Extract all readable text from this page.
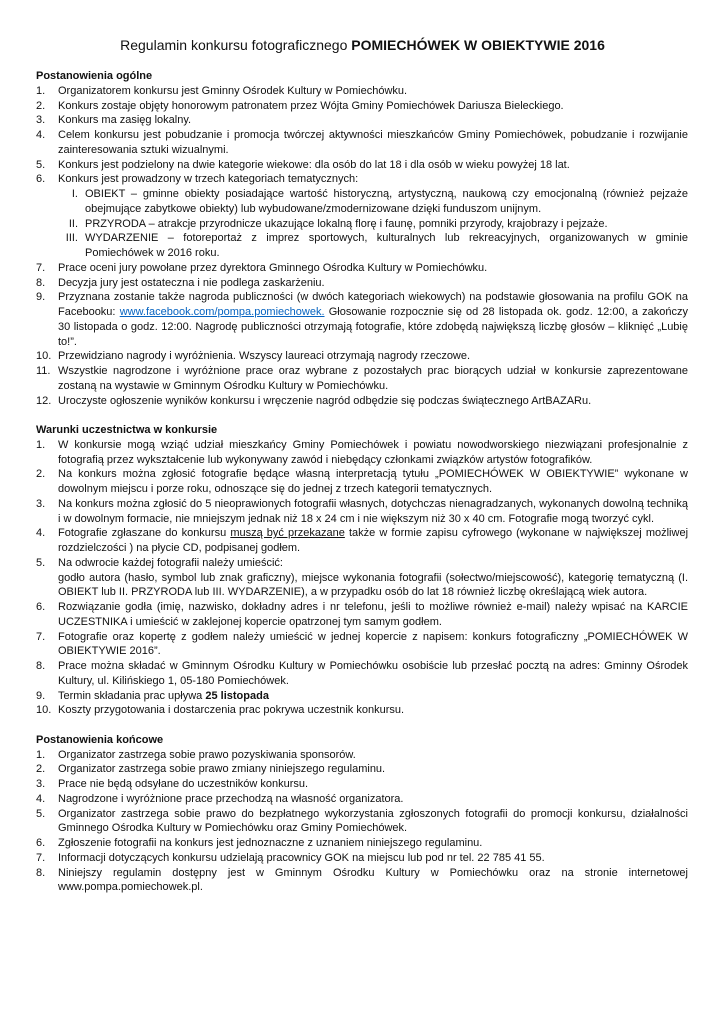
Regulamin konkursu fotograficznego POMIECHÓWEK W OBIEKTYWIE 2016

Postanowienia ogólne

1. Organizatorem konkursu jest Gminny Ośrodek Kultury w Pomiechówku.
2. Konkurs zostaje objęty honorowym patronatem przez Wójta Gminy Pomiechówek Dariusza Bieleckiego.
3. Konkurs ma zasięg lokalny.
4. Celem konkursu jest pobudzanie i promocja twórczej aktywności mieszkańców Gminy Pomiechówek, pobudzanie i rozwijanie zainteresowania sztuki wizualnymi.
5. Konkurs jest podzielony na dwie kategorie wiekowe: dla osób do lat 18 i dla osób w wieku powyżej 18 lat.
6. Konkurs jest prowadzony w trzech kategoriach tematycznych:
I. OBIEKT – gminne obiekty posiadające wartość historyczną, artystyczną, naukową czy emocjonalną (również pejzaże obejmujące zabytkowe obiekty) lub wybudowane/zmodernizowane dzięki funduszom unijnym.
II. PRZYRODA – atrakcje przyrodnicze ukazujące lokalną florę i faunę, pomniki przyrody, krajobrazy i pejzaże.
III. WYDARZENIE – fotoreportaż z imprez sportowych, kulturalnych lub rekreacyjnych, organizowanych w gminie Pomiechówek w 2016 roku.
7. Prace oceni jury powołane przez dyrektora Gminnego Ośrodka Kultury w Pomiechówku.
8. Decyzja jury jest ostateczna i nie podlega zaskarżeniu.
9. Przyznana zostanie także nagroda publiczności (w dwóch kategoriach wiekowych) na podstawie głosowania na profilu GOK na Facebooku: www.facebook.com/pompa.pomiechowek. Głosowanie rozpocznie się od 28 listopada ok. godz. 12:00, a zakończy 30 listopada o godz. 12:00. Nagrodę publiczności otrzymają fotografie, które zdobędą największą liczbę głosów – kliknięć „Lubię to!”.
10. Przewidziano nagrody i wyróżnienia. Wszyscy laureaci otrzymają nagrody rzeczowe.
11. Wszystkie nagrodzone i wyróżnione prace oraz wybrane z pozostałych prac biorących udział w konkursie zaprezentowane zostaną na wystawie w Gminnym Ośrodku Kultury w Pomiechówku.
12. Uroczyste ogłoszenie wyników konkursu i wręczenie nagród odbędzie się podczas świątecznego ArtBAZARu.

Warunki uczestnictwa w konkursie

1. W konkursie mogą wziąć udział mieszkańcy Gminy Pomiechówek i powiatu nowodworskiego niezwiązani profesjonalnie z fotografią przez wykształcenie lub wykonywany zawód i niebędący członkami związków artystów fotografików.
2. Na konkurs można zgłosić fotografie będące własną interpretacją tytułu „POMIECHÓWEK W OBIEKTYWIE” wykonane w dowolnym miejscu i porze roku, odnoszące się do jednej z trzech kategorii tematycznych.
3. Na konkurs można zgłosić do 5 nieoprawionych fotografii własnych, dotychczas nienagradzanych, wykonanych dowolną techniką i w dowolnym formacie, nie mniejszym jednak niż 18 x 24 cm i nie większym niż 30 x 40 cm. Fotografie mogą tworzyć cykl.
4. Fotografie zgłaszane do konkursu muszą być przekazane także w formie zapisu cyfrowego (wykonane w największej możliwej rozdzielczości ) na płycie CD, podpisanej godłem.
5. Na odwrocie każdej fotografii należy umieścić:
godło autora (hasło, symbol lub znak graficzny), miejsce wykonania fotografii (sołectwo/miejscowość), kategorię tematyczną (I. OBIEKT lub II. PRZYRODA lub III. WYDARZENIE), a w przypadku osób do lat 18 również liczbę określającą wiek autora.
6. Rozwiązanie godła (imię, nazwisko, dokładny adres i nr telefonu, jeśli to możliwe również e-mail) należy wpisać na KARCIE UCZESTNIKA i umieścić w zaklejonej kopercie opatrzonej tym samym godłem.
7. Fotografie oraz kopertę z godłem należy umieścić w jednej kopercie z napisem: konkurs fotograficzny „POMIECHÓWEK W OBIEKTYWIE 2016”.
8. Prace można składać w Gminnym Ośrodku Kultury w Pomiechówku osobiście lub przesłać pocztą na adres: Gminny Ośrodek Kultury, ul. Kilińskiego 1, 05-180 Pomiechówek.
9. Termin składania prac upływa 25 listopada
10. Koszty przygotowania i dostarczenia prac pokrywa uczestnik konkursu.

Postanowienia końcowe

1. Organizator zastrzega sobie prawo pozyskiwania sponsorów.
2. Organizator zastrzega sobie prawo zmiany niniejszego regulaminu.
3. Prace nie będą odsyłane do uczestników konkursu.
4. Nagrodzone i wyróżnione prace przechodzą na własność organizatora.
5. Organizator zastrzega sobie prawo do bezpłatnego wykorzystania zgłoszonych fotografii do promocji konkursu, działalności Gminnego Ośrodka Kultury w Pomiechówku oraz Gminy Pomiechówek.
6. Zgłoszenie fotografii na konkurs jest jednoznaczne z uznaniem niniejszego regulaminu.
7. Informacji dotyczących konkursu udzielają pracownicy GOK na miejscu lub pod nr tel. 22 785 41 55.
8. Niniejszy regulamin dostępny jest w Gminnym Ośrodku Kultury w Pomiechówku oraz na stronie internetowej www.pompa.pomiechowek.pl.
